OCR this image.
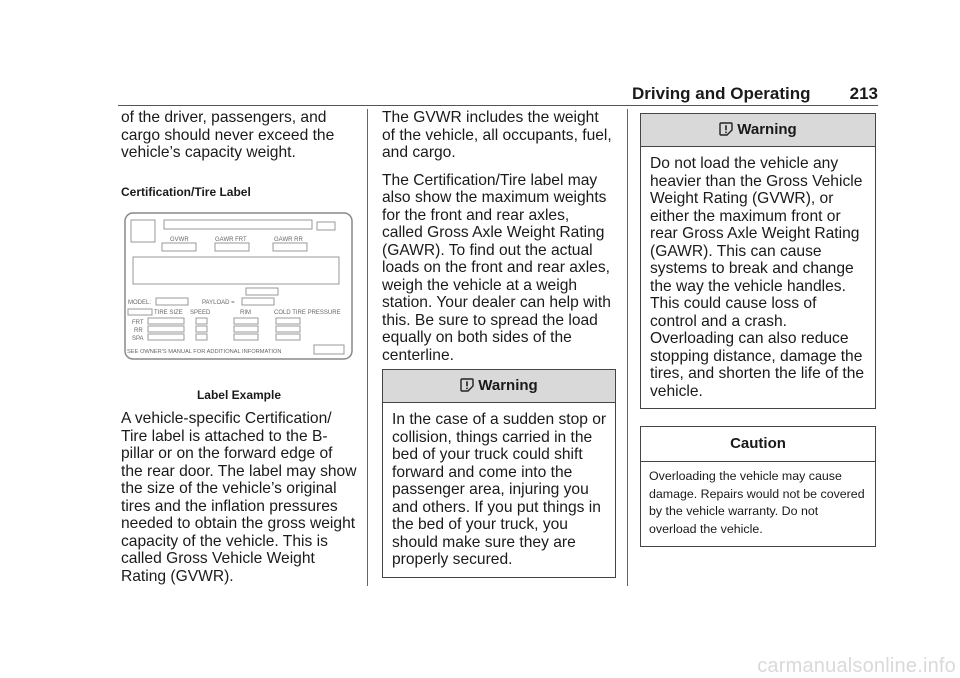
Driving and Operating 213

of the driver, passengers, and cargo should never exceed the vehicle’s capacity weight.

Certification/Tire Label
GVWR	GAWR FRT	GAWR RR
MODEL:	PAYLOAD =
TIRE SIZE SPEED	RIM	COLD TIRE PRESSURE
FRT
RR
SPA
SEE OWNER'S MANUAL FOR ADDITIONAL INFORMATION
Label Example

A vehicle-specific Certification/ Tire label is attached to the B-pillar or on the forward edge of the rear door. The label may show the size of the vehicle’s original tires and the inflation pressures needed to obtain the gross weight capacity of the vehicle. This is called Gross Vehicle Weight Rating (GVWR).

The GVWR includes the weight of the vehicle, all occupants, fuel, and cargo.

The Certification/Tire label may also show the maximum weights for the front and rear axles, called Gross Axle Weight Rating (GAWR). To find out the actual loads on the front and rear axles, weigh the vehicle at a weigh station. Your dealer can help with this. Be sure to spread the load equally on both sides of the centerline.

Warning
In the case of a sudden stop or collision, things carried in the bed of your truck could shift forward and come into the passenger area, injuring you and others. If you put things in the bed of your truck, you should make sure they are properly secured.
Warning
Do not load the vehicle any heavier than the Gross Vehicle Weight Rating (GVWR), or either the maximum front or rear Gross Axle Weight Rating (GAWR). This can cause systems to break and change the way the vehicle handles. This could cause loss of control and a crash. Overloading can also reduce stopping distance, damage the tires, and shorten the life of the vehicle.
Caution
Overloading the vehicle may cause damage. Repairs would not be covered by the vehicle warranty. Do not overload the vehicle.
carmanualsonline.info
